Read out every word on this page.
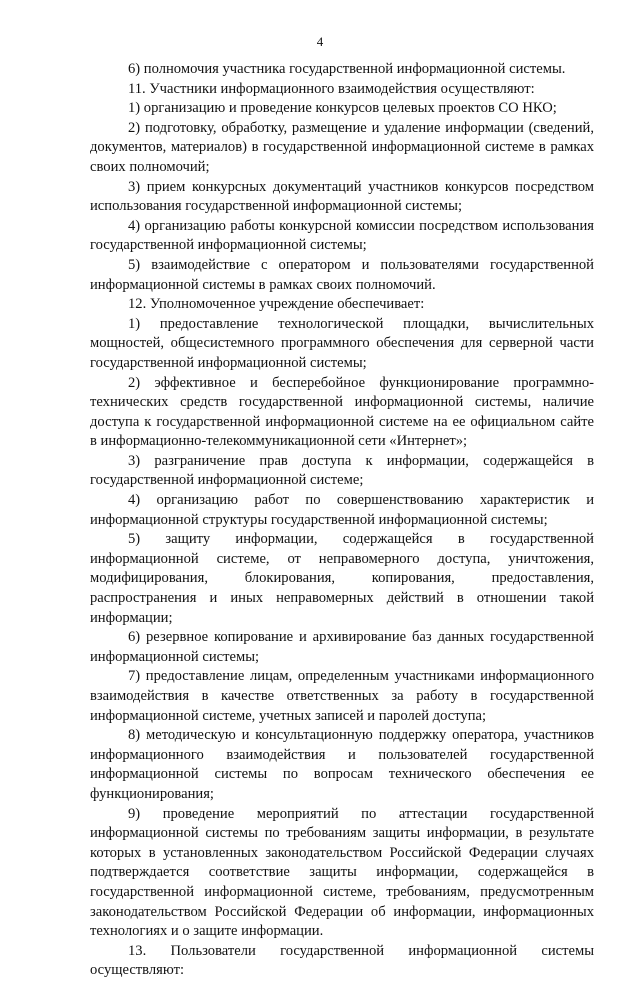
4

6) полномочия участника государственной информационной системы.

11. Участники информационного взаимодействия осуществляют:

1) организацию и проведение конкурсов целевых проектов СО НКО;

2) подготовку, обработку, размещение и удаление информации (сведений, документов, материалов) в государственной информационной системе в рамках своих полномочий;

3) прием конкурсных документаций участников конкурсов посредством использования государственной информационной системы;

4) организацию работы конкурсной комиссии посредством использования государственной информационной системы;

5) взаимодействие с оператором и пользователями государственной информационной системы в рамках своих полномочий.

12. Уполномоченное учреждение обеспечивает:

1) предоставление технологической площадки, вычислительных мощностей, общесистемного программного обеспечения для серверной части государственной информационной системы;

2) эффективное и бесперебойное функционирование программно-технических средств государственной информационной системы, наличие доступа к государственной информационной системе на ее официальном сайте в информационно-телекоммуникационной сети «Интернет»;

3) разграничение прав доступа к информации, содержащейся в государственной информационной системе;

4) организацию работ по совершенствованию характеристик и информационной структуры государственной информационной системы;

5) защиту информации, содержащейся в государственной информационной системе, от неправомерного доступа, уничтожения, модифицирования, блокирования, копирования, предоставления, распространения и иных неправомерных действий в отношении такой информации;

6) резервное копирование и архивирование баз данных государственной информационной системы;

7) предоставление лицам, определенным участниками информационного взаимодействия в качестве ответственных за работу в государственной информационной системе, учетных записей и паролей доступа;

8) методическую и консультационную поддержку оператора, участников информационного взаимодействия и пользователей государственной информационной системы по вопросам технического обеспечения ее функционирования;

9) проведение мероприятий по аттестации государственной информационной системы по требованиям защиты информации, в результате которых в установленных законодательством Российской Федерации случаях подтверждается соответствие защиты информации, содержащейся в государственной информационной системе, требованиям, предусмотренным законодательством Российской Федерации об информации, информационных технологиях и о защите информации.

13. Пользователи государственной информационной системы осуществляют:
